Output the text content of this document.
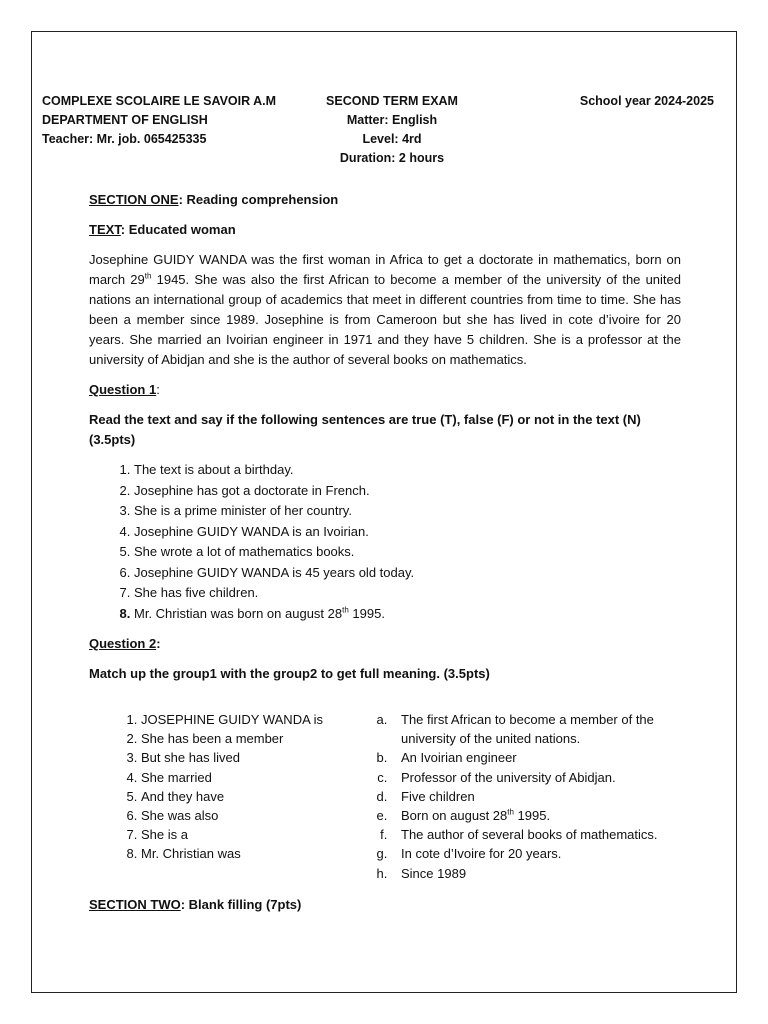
COMPLEXE SCOLAIRE LE SAVOIR A.M
DEPARTMENT OF ENGLISH
Teacher: Mr. job. 065425335
SECOND TERM EXAM
Matter: English
Level: 4rd
Duration: 2 hours
School year 2024-2025

SECTION ONE: Reading comprehension

TEXT: Educated woman

Josephine GUIDY WANDA was the first woman in Africa to get a doctorate in mathematics, born on march 29th 1945. She was also the first African to become a member of the university of the united nations an international group of academics that meet in different countries from time to time. She has been a member since 1989. Josephine is from Cameroon but she has lived in cote d’ivoire for 20 years. She married an Ivoirian engineer in 1971 and they have 5 children. She is a professor at the university of Abidjan and she is the author of several books on mathematics.

Question 1:

Read the text and say if the following sentences are true (T), false (F) or not in the text (N) (3.5pts)

1. The text is about a birthday.
2. Josephine has got a doctorate in French.
3. She is a prime minister of her country.
4. Josephine GUIDY WANDA is an Ivoirian.
5. She wrote a lot of mathematics books.
6. Josephine GUIDY WANDA is 45 years old today.
7. She has five children.
8. Mr. Christian was born on august 28th 1995.

Question 2:

Match up the group1 with the group2 to get full meaning. (3.5pts)

1. JOSEPHINE GUIDY WANDA is
2. She has been a member
3. But she has lived
4. She married
5. And they have
6. She was also
7. She is a
8. Mr. Christian was
a. The first African to become a member of the university of the united nations.
b. An Ivoirian engineer
c. Professor of the university of Abidjan.
d. Five children
e. Born on august 28th 1995.
f. The author of several books of mathematics.
g. In cote d’Ivoire for 20 years.
h. Since 1989

SECTION TWO: Blank filling (7pts)
